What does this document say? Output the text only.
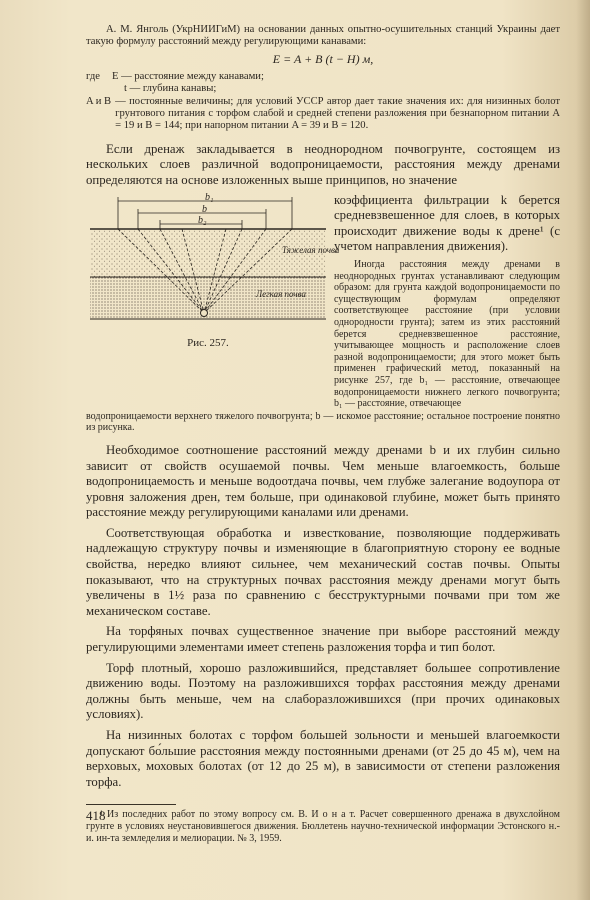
А. М. Янголь (УкрНИИГиМ) на основании данных опытно-осушительных станций Украины дает такую формулу расстояний между регулирующими канавами:

E = A + B (t − H) м,
где	E — расстояние между канавами;
t — глубина канавы;
A и B — постоянные величины; для условий УССР автор дает такие значения их: для низинных болот грунтового питания с торфом слабой и средней степени разложения при безнапорном питании A = 19 и B = 144; при напорном питании A = 39 и B = 120.

Если дренаж закладывается в неоднородном почвогрунте, состоящем из нескольких слоев различной водопроницаемости, расстояния между дренами определяются на основе изложенных выше принципов, но значение

b₁
b
b₂
Тяжелая почва
Легкая почва
Рис. 257.

коэффициента фильтрации k берется средневзвешенное для слоев, в которых происходит движение воды к дрене¹ (с учетом направления движения).

Иногда расстояния между дренами в неоднородных грунтах устанавливают следующим образом: для грунта каждой водопроницаемости по существующим формулам определяют соответствующее расстояние (при условии однородности грунта); затем из этих расстояний берется средневзвешенное расстояние, учитывающее мощность и расположение слоев разной водопроницаемости; для этого может быть применен графический метод, показанный на рисунке 257, где b₁ — расстояние, отвечающее водопроницаемости нижнего легкого почвогрунта; b₁ — расстояние, отвечающее

водопроницаемости верхнего тяжелого почвогрунта; b — искомое расстояние; остальное построение понятно из рисунка.

Необходимое соотношение расстояний между дренами b и их глубин сильно зависит от свойств осушаемой почвы. Чем меньше влагоемкость, больше водопроницаемость и меньше водоотдача почвы, чем глубже залегание водоупора от уровня заложения дрен, тем больше, при одинаковой глубине, может быть принято расстояние между регулирующими каналами или дренами.

Соответствующая обработка и известкование, позволяющие поддерживать надлежащую структуру почвы и изменяющие в благоприятную сторону ее водные свойства, нередко влияют сильнее, чем механический состав почвы. Опыты показывают, что на структурных почвах расстояния между дренами могут быть увеличены в 1½ раза по сравнению с бесструктурными почвами при том же механическом составе.

На торфяных почвах существенное значение при выборе расстояний между регулирующими элементами имеет степень разложения торфа и тип болот.

Торф плотный, хорошо разложившийся, представляет большее сопротивление движению воды. Поэтому на разложившихся торфах расстояния между дренами должны быть меньше, чем на слаборазложившихся (при прочих одинаковых условиях).

На низинных болотах с торфом большей зольности и меньшей влагоемкости допускают бо́льшие расстояния между постоянными дренами (от 25 до 45 м), чем на верховых, моховых болотах (от 12 до 25 м), в зависимости от степени разложения торфа.

¹ Из последних работ по этому вопросу см. В. И о н а т. Расчет совершенного дренажа в двухслойном грунте в условиях неустановившегося движения. Бюллетень научно-технической информации Эстонского н.-и. ин-та земледелия и мелиорации. № 3, 1959.

418
